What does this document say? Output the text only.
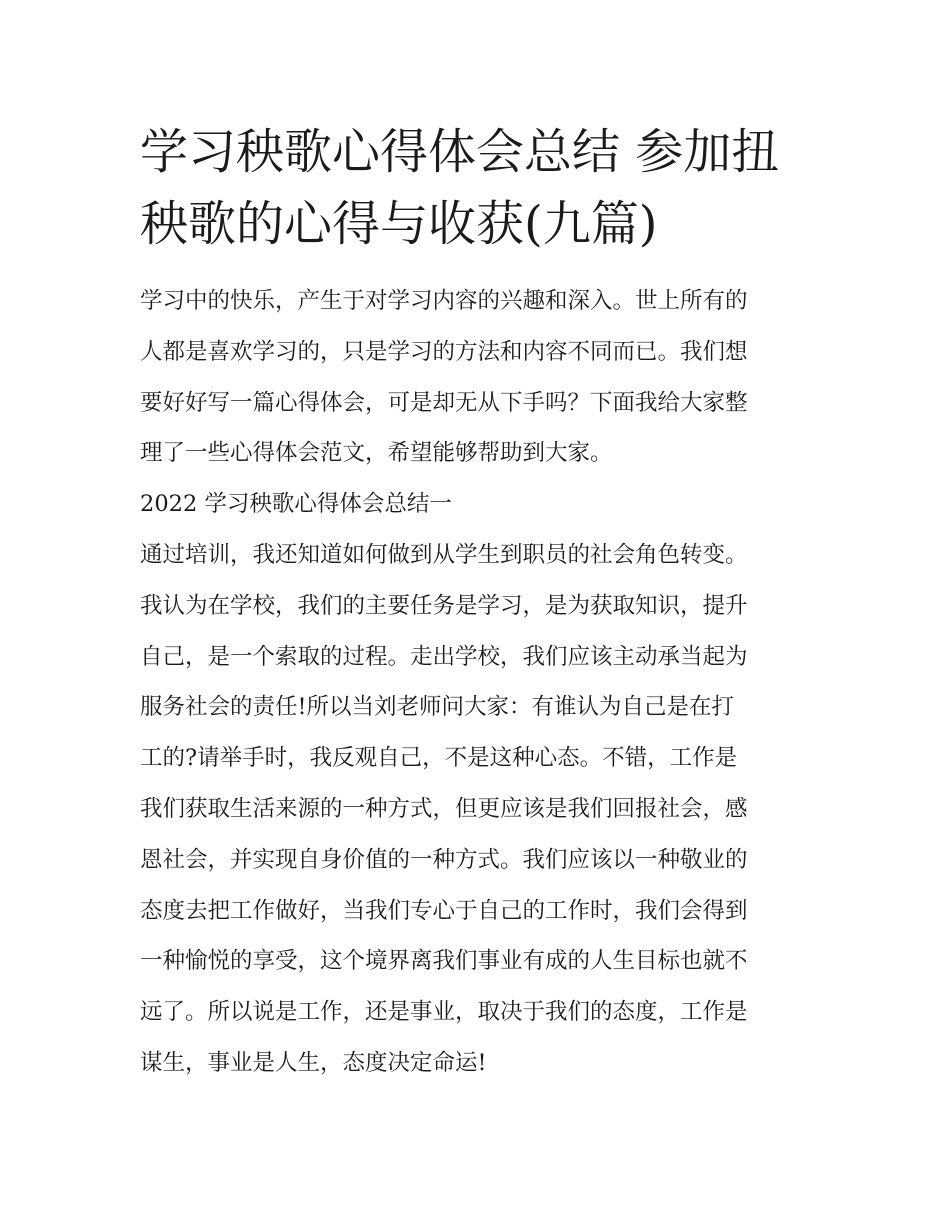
学习秧歌心得体会总结 参加扭
秧歌的心得与收获(九篇)

学习中的快乐，产生于对学习内容的兴趣和深入。世上所有的
人都是喜欢学习的，只是学习的方法和内容不同而已。我们想
要好好写一篇心得体会，可是却无从下手吗？下面我给大家整
理了一些心得体会范文，希望能够帮助到大家。

2022 学习秧歌心得体会总结一

通过培训，我还知道如何做到从学生到职员的社会角色转变。
我认为在学校，我们的主要任务是学习，是为获取知识，提升
自己，是一个索取的过程。走出学校，我们应该主动承当起为
服务社会的责任!所以当刘老师问大家：有谁认为自己是在打
工的?请举手时，我反观自己，不是这种心态。不错，工作是
我们获取生活来源的一种方式，但更应该是我们回报社会，感
恩社会，并实现自身价值的一种方式。我们应该以一种敬业的
态度去把工作做好，当我们专心于自己的工作时，我们会得到
一种愉悦的享受，这个境界离我们事业有成的人生目标也就不
远了。所以说是工作，还是事业，取决于我们的态度，工作是
谋生，事业是人生，态度决定命运!
